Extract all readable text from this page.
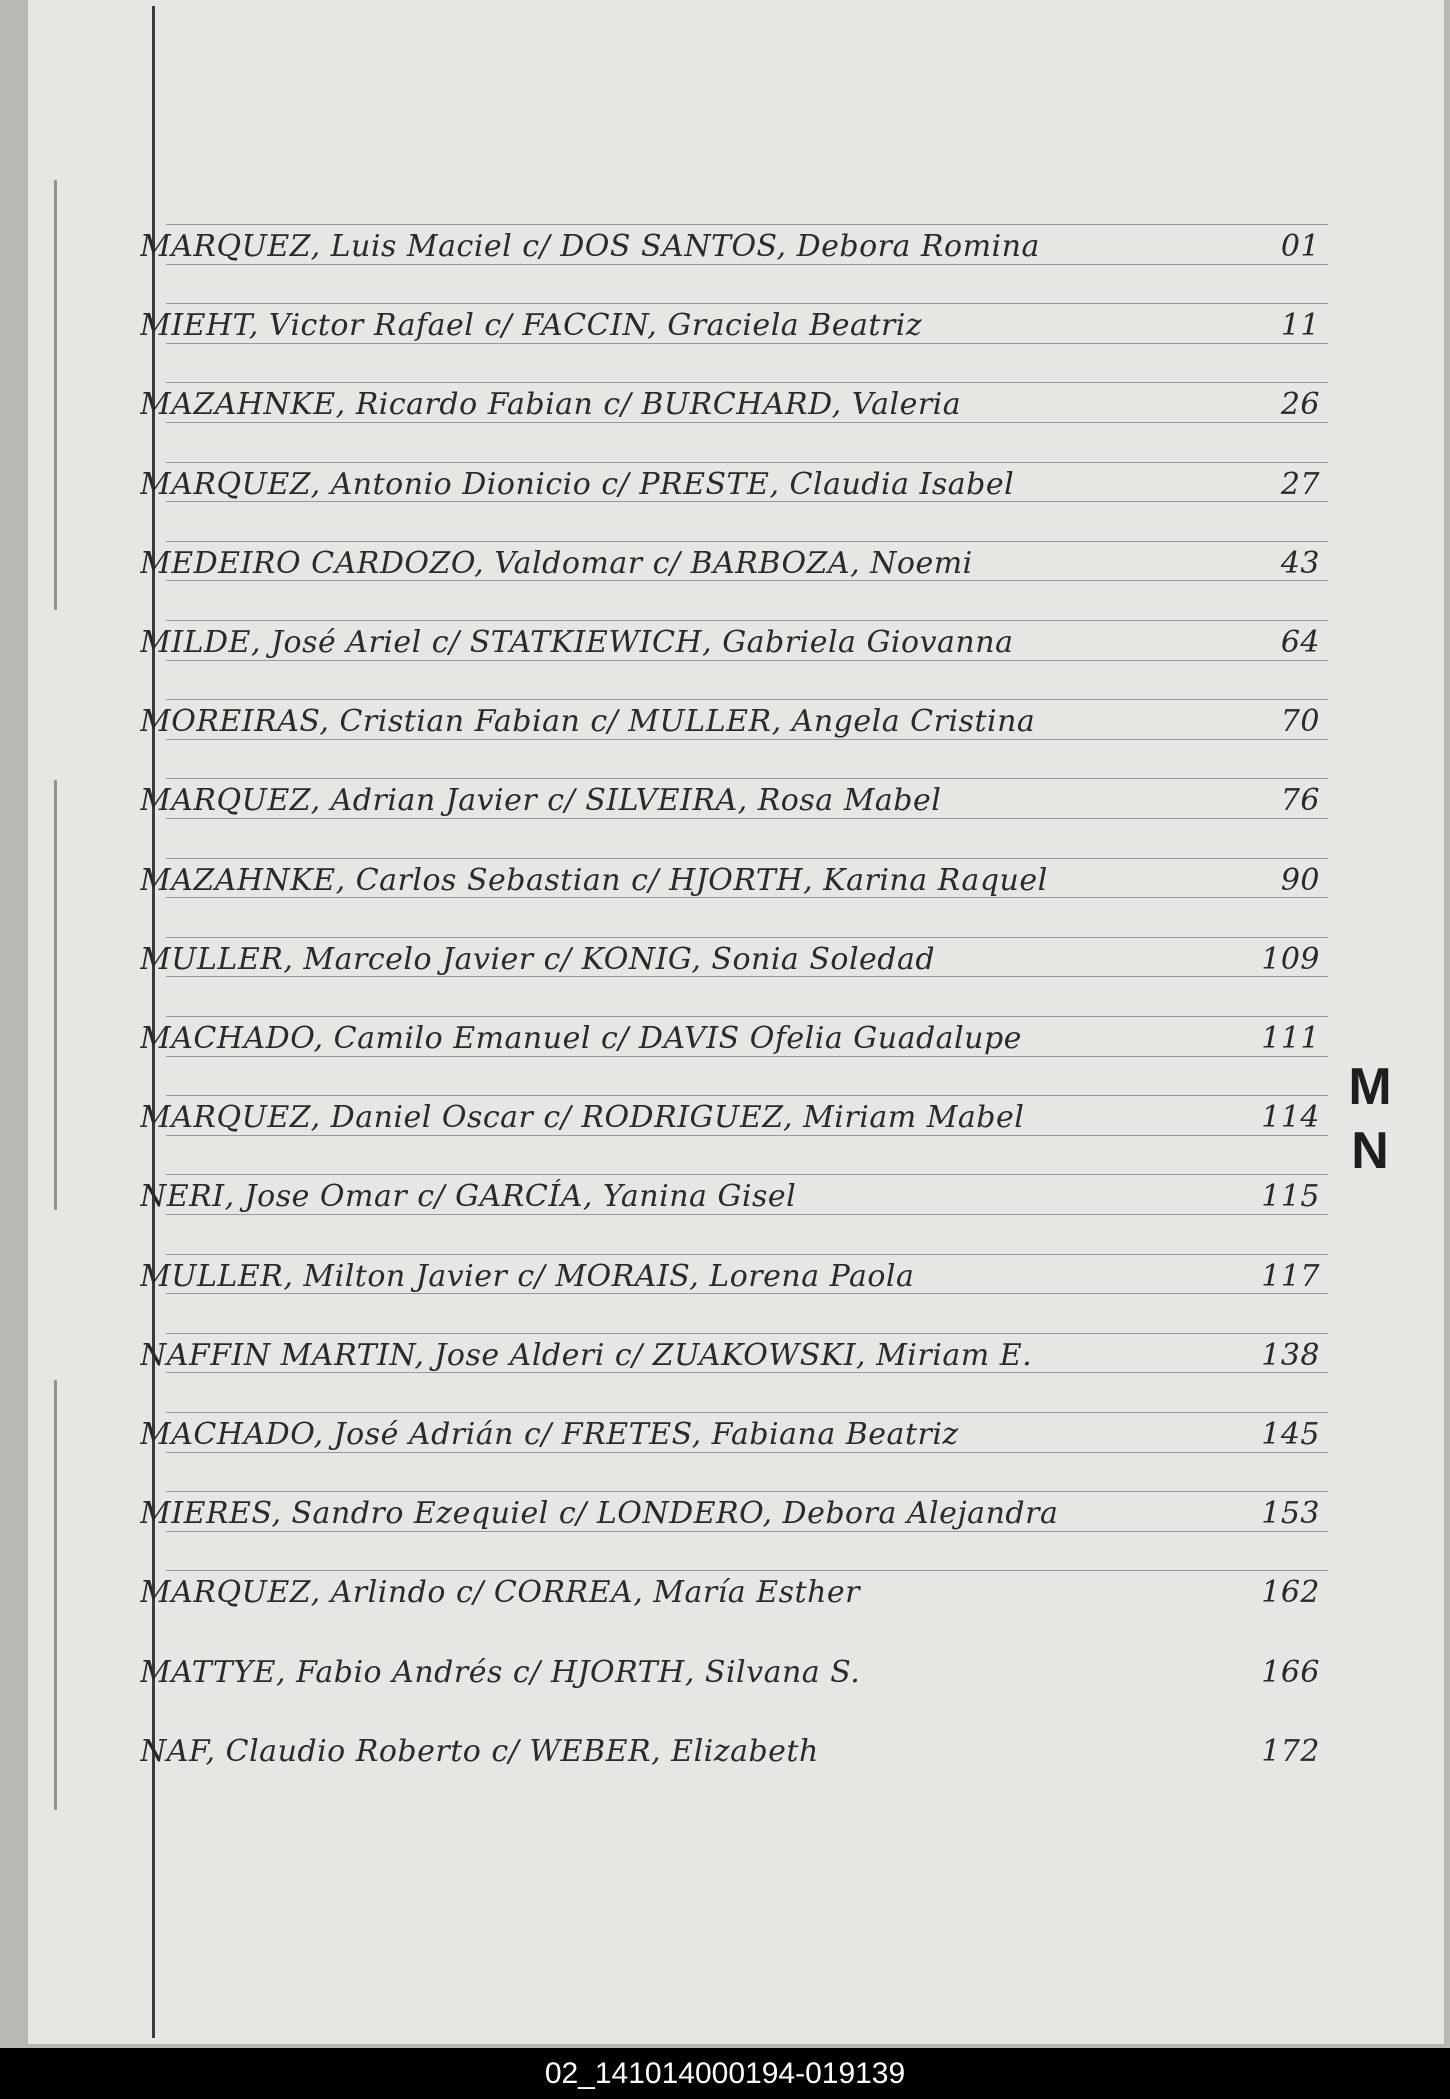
MARQUEZ, Luis Maciel c/ DOS SANTOS, Debora Romina	01
MIEHT, Victor Rafael c/ FACCIN, Graciela Beatriz	11
MAZAHNKE, Ricardo Fabian c/ BURCHARD, Valeria	26
MARQUEZ, Antonio Dionicio c/ PRESTE, Claudia Isabel	27
MEDEIRO CARDOZO, Valdomar c/ BARBOZA, Noemi	43
MILDE, José Ariel c/ STATKIEWICH, Gabriela Giovanna	64
MOREIRAS, Cristian Fabian c/ MULLER, Angela Cristina	70
MARQUEZ, Adrian Javier c/ SILVEIRA, Rosa Mabel	76
MAZAHNKE, Carlos Sebastian c/ HJORTH, Karina Raquel	90
MULLER, Marcelo Javier c/ KONIG, Sonia Soledad	109
MACHADO, Camilo Emanuel c/ DAVIS Ofelia Guadalupe	111
MARQUEZ, Daniel Oscar c/ RODRIGUEZ, Miriam Mabel	114
NERI, Jose Omar c/ GARCÍA, Yanina Gisel	115
MULLER, Milton Javier c/ MORAIS, Lorena Paola	117
NAFFIN MARTIN, Jose Alderi c/ ZUAKOWSKI, Miriam E.	138
MACHADO, José Adrián c/ FRETES, Fabiana Beatriz	145
MIERES, Sandro Ezequiel c/ LONDERO, Debora Alejandra	153
MARQUEZ, Arlindo c/ CORREA, María Esther	162
MATTYE, Fabio Andrés c/ HJORTH, Silvana S.	166
NAF, Claudio Roberto c/ WEBER, Elizabeth	172
M
N
02_141014000194-019139
